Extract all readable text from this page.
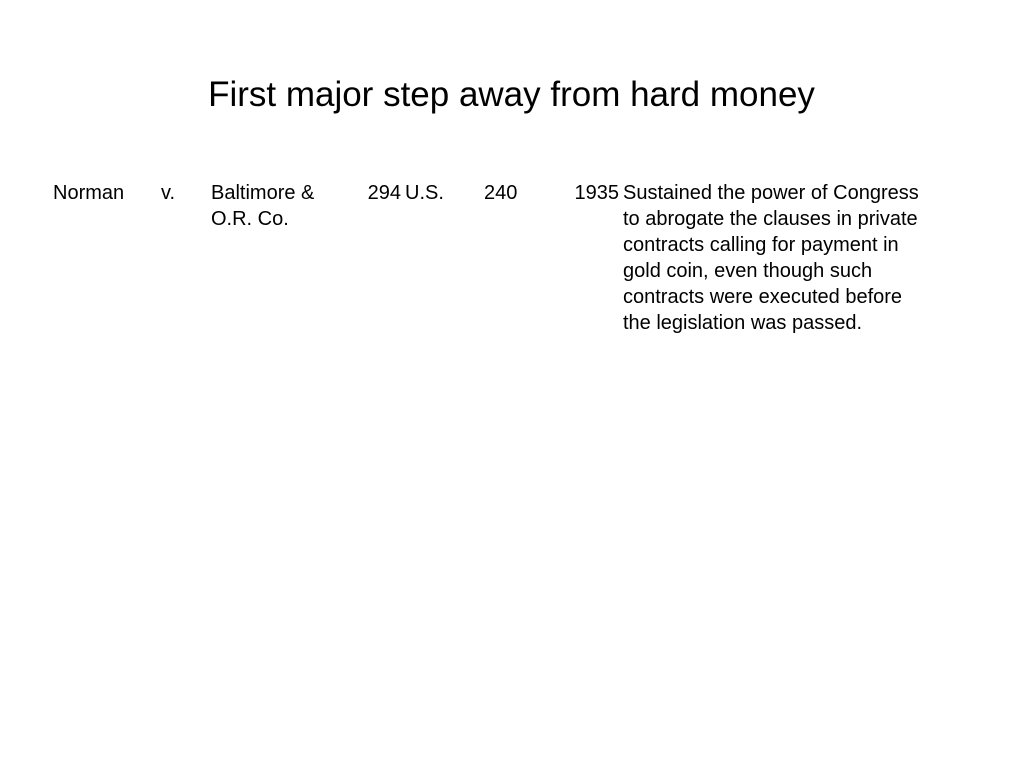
First major step away from hard money
Norman	v.	Baltimore & O.R. Co.	294	U.S.	240	1935	Sustained the power of Congress to abrogate the clauses in private contracts calling for payment in gold coin, even though such contracts were executed before the legislation was passed.
